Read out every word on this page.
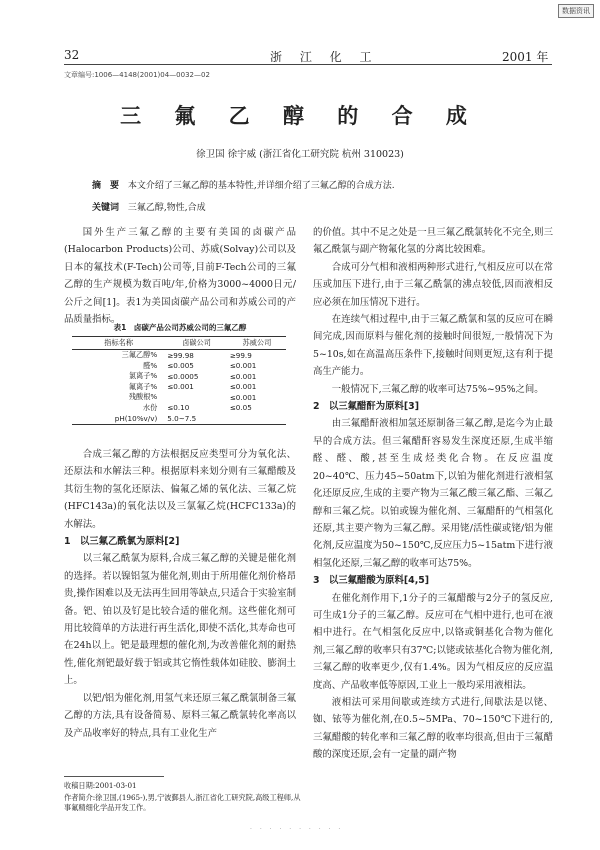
数据资讯
32	浙 江 化 工	2001 年
文章编号:1006—4148(2001)04—0032—02
三 氟 乙 醇 的 合 成
徐卫国 徐宇威 (浙江省化工研究院 杭州 310023)
摘　要 本文介绍了三氟乙醇的基本特性,并详细介绍了三氟乙醇的合成方法.
关键词 三氟乙醇,物性,合成

国外生产三氟乙醇的主要有美国的卤碳产品(Halocarbon Products)公司、苏威(Solvay)公司以及日本的氟技术(F-Tech)公司等,目前F-Tech公司的三氟乙醇的生产规模为数百吨/年,价格为3000~4000日元/公斤之间[1]。表1为美国卤碳产品公司和苏威公司的产品质量指标。

表1　卤碳产品公司苏威公司的三氟乙醇
指标名称	卤碳公司	苏威公司
三氟乙醇%	≥99.98	≥99.9
醛%	≤0.005	≤0.001
氯离子%	≤0.0005	≤0.001
氟离子%	≤0.001	≤0.001
残酸根%		≤0.001
水份	≤0.10	≤0.05
pH(10%v/v)	5.0~7.5	

合成三氟乙醇的方法根据反应类型可分为氧化法、还原法和水解法三种。根据原料来划分则有三氟醋酸及其衍生物的氢化还原法、偏氟乙烯的氧化法、三氟乙烷(HFC143a)的氧化法以及三氯氟乙烷(HCFC133a)的水解法。

1　以三氟乙酰氯为原料[2]

以三氟乙酰氯为原料,合成三氟乙醇的关键是催化剂的选择。若以镍铝氢为催化剂,则由于所用催化剂价格昂贵,操作困难以及无法再生回用等缺点,只适合于实验室制备。钯、铂以及钌是比较合适的催化剂。这些催化剂可用比较简单的方法进行再生活化,即使不活化,其寿命也可在24h以上。钯是最理想的催化剂,为改善催化剂的耐热性,催化剂钯最好载于铝或其它惰性载体如硅胶、膨润土上。

以钯/铝为催化剂,用氢气来还原三氟乙酰氯制备三氟乙醇的方法,具有设备简易、原料三氟乙酰氯转化率高以及产品收率好的特点,具有工业化生产

的价值。其中不足之处是一旦三氟乙酰氯转化不完全,则三氟乙酰氯与副产物氟化氢的分离比较困难。

合成可分气相和液相两种形式进行,气相反应可以在常压或加压下进行,由于三氟乙酰氯的沸点较低,因而液相反应必须在加压情况下进行。

在连续气相过程中,由于三氟乙酰氯和氢的反应可在瞬间完成,因而原料与催化剂的接触时间很短,一般情况下为5~10s,如在高温高压条件下,接触时间则更短,这有利于提高生产能力。

一般情况下,三氟乙醇的收率可达75%~95%之间。

2　以三氟醋酐为原料[3]

由三氟醋酐液相加氢还原制备三氟乙醇,是迄今为止最早的合成方法。但三氟醋酐容易发生深度还原,生成半缩醛、醛、酸,甚至生成烃类化合物。在反应温度20~40℃、压力45~50atm下,以铂为催化剂进行液相氢化还原反应,生成的主要产物为三氟乙酸三氟乙酯、三氟乙醇和三氟乙烷。以铂或镍为催化剂、三氟醋酐的气相氢化还原,其主要产物为三氟乙醇。采用铑/活性碳或铑/铝为催化剂,反应温度为50~150℃,反应压力5~15atm下进行液相氢化还原,三氟乙醇的收率可达75%。

3　以三氟醋酸为原料[4,5]

在催化剂作用下,1分子的三氟醋酸与2分子的氢反应,可生成1分子的三氟乙醇。反应可在气相中进行,也可在液相中进行。在气相氢化反应中,以铬或铜基化合物为催化剂,三氟乙醇的收率只有37℃;以铑或铱基化合物为催化剂,三氟乙醇的收率更少,仅有1.4%。因为气相反应的反应温度高、产品收率低等原因,工业上一般均采用液相法。

液相法可采用间歇或连续方式进行,间歇法是以铑、铷、铱等为催化剂,在0.5~5MPa、70~150℃下进行的,三氟醋酸的转化率和三氟乙醇的收率均很高,但由于三氟醋酸的深度还原,会有一定量的副产物

收稿日期:2001-03-01
作者简介:徐卫国,(1965-),男,宁波鄞县人,浙江省化工研究院,高级工程师,从事氟精细化学品开发工作。
· · · · · · · · · ·
